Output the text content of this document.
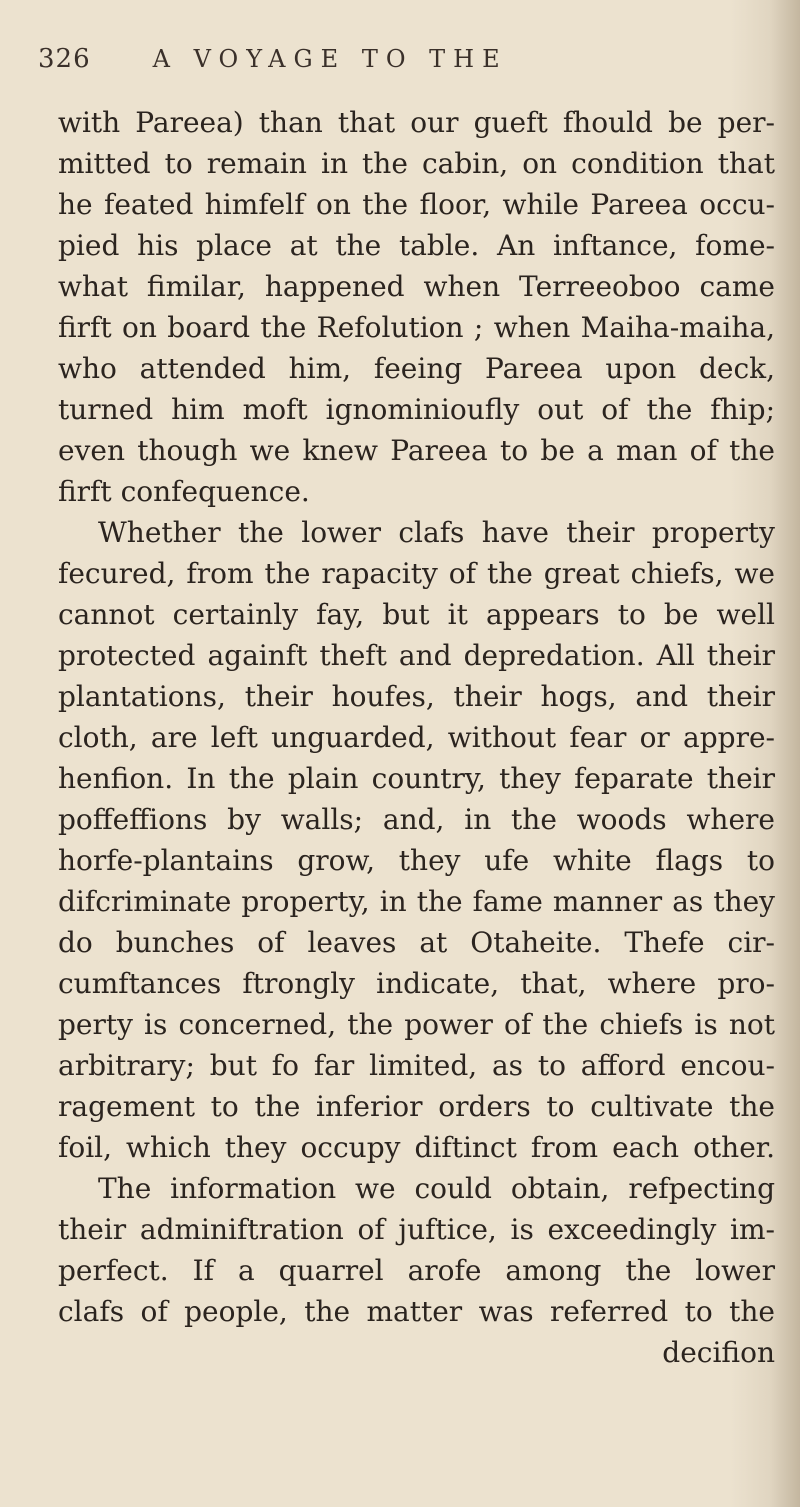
326	A VOYAGE TO THE
with Pareea) than that our gueft fhould be per-
mitted to remain in the cabin, on condition that
he feated himfelf on the floor, while Pareea occu-
pied his place at the table. An inftance, fome-
what fimilar, happened when Terreeoboo came
firft on board the Refolution ; when Maiha-maiha,
who attended him, feeing Pareea upon deck,
turned him moft ignominioufly out of the fhip;
even though we knew Pareea to be a man of the
firft confequence.
Whether the lower clafs have their property
fecured, from the rapacity of the great chiefs, we
cannot certainly fay, but it appears to be well
protected againft theft and depredation. All their
plantations, their houfes, their hogs, and their
cloth, are left unguarded, without fear or appre-
henfion. In the plain country, they feparate their
poffeffions by walls; and, in the woods where
horfe-plantains grow, they ufe white flags to
difcriminate property, in the fame manner as they
do bunches of leaves at Otaheite. Thefe cir-
cumftances ftrongly indicate, that, where pro-
perty is concerned, the power of the chiefs is not
arbitrary; but fo far limited, as to afford encou-
ragement to the inferior orders to cultivate the
foil, which they occupy diftinct from each other.
The information we could obtain, refpecting
their adminiftration of juftice, is exceedingly im-
perfect. If a quarrel arofe among the lower
clafs of people, the matter was referred to the
decifion
